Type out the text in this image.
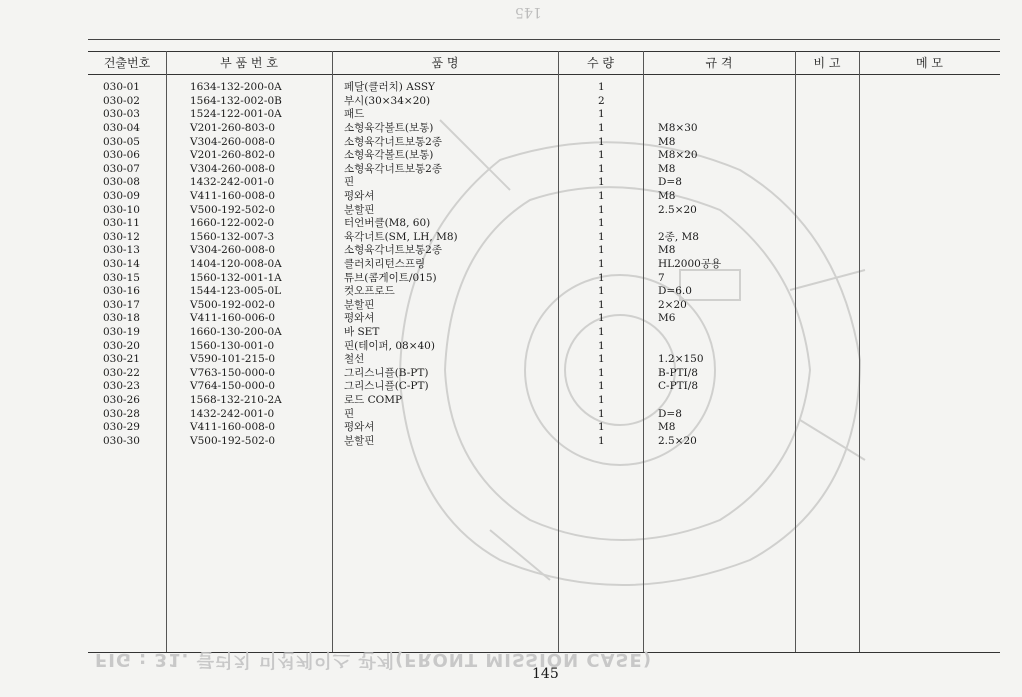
145
건출번호	부 품 번 호	품 명	수 량	규 격	비 고	메 모
030-01	1634-132-200-0A	페달(클러치) ASSY	1
030-02	1564-132-002-0B	부시(30×34×20)	2
030-03	1524-122-001-0A	패드	1
030-04	V201-260-803-0	소형육각볼트(보통)	1	M8×30
030-05	V304-260-008-0	소형육각너트보통2종	1	M8
030-06	V201-260-802-0	소형육각볼트(보통)	1	M8×20
030-07	V304-260-008-0	소형육각너트보통2종	1	M8
030-08	1432-242-001-0	핀	1	D=8
030-09	V411-160-008-0	평와셔	1	M8
030-10	V500-192-502-0	분할핀	1	2.5×20
030-11	1660-122-002-0	터언버클(M8, 60)	1
030-12	1560-132-007-3	육각너트(SM, LH, M8)	1	2종, M8
030-13	V304-260-008-0	소형육각너트보통2종	1	M8
030-14	1404-120-008-0A	클러치리턴스프링	1	HL2000공용
030-15	1560-132-001-1A	튜브(콤게이트/015)	1	7
030-16	1544-123-005-0L	컷오프로드	1	D=6.0
030-17	V500-192-002-0	분할핀	1	2×20
030-18	V411-160-006-0	평와셔	1	M6
030-19	1660-130-200-0A	바 SET	1
030-20	1560-130-001-0	핀(테이퍼, 08×40)	1
030-21	V590-101-215-0	철선	1	1.2×150
030-22	V763-150-000-0	그리스니플(B-PT)	1	B-PTI/8
030-23	V764-150-000-0	그리스니플(C-PT)	1	C-PTI/8
030-26	1568-132-210-2A	로드 COMP	1
030-28	1432-242-001-0	핀	1	D=8
030-29	V411-160-008-0	평와셔	1	M8
030-30	V500-192-502-0	분할핀	1	2.5×20
FIG : 31. 클러치 미션케이스 관계(FRONT MISSION CASE)
145
